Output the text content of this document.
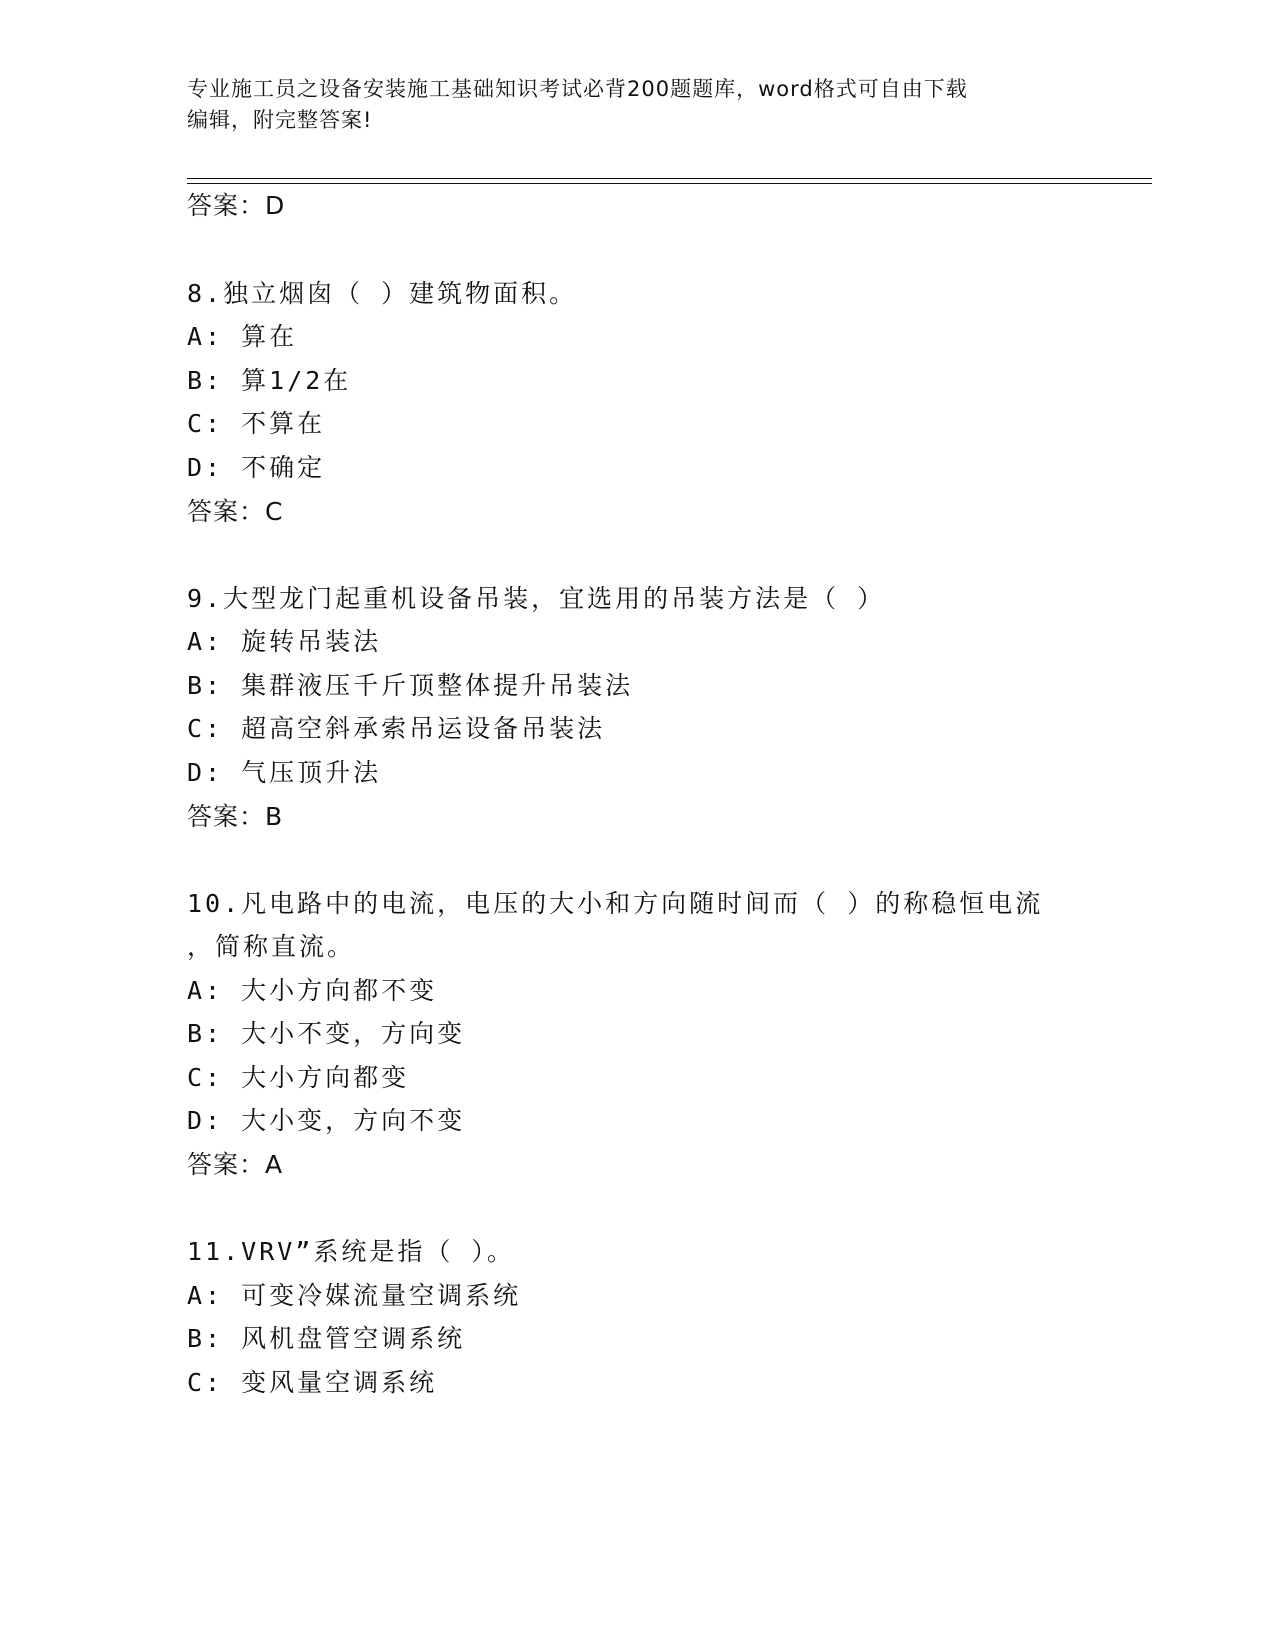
专业施工员之设备安装施工基础知识考试必背200题题库，word格式可自由下载
编辑，附完整答案!
答案：D
8.独立烟囱（ ）建筑物面积。
A: 算在
B: 算1/2在
C: 不算在
D: 不确定
答案：C
9.大型龙门起重机设备吊装，宜选用的吊装方法是（ ）
A: 旋转吊装法
B: 集群液压千斤顶整体提升吊装法
C: 超高空斜承索吊运设备吊装法
D: 气压顶升法
答案：B
10.凡电路中的电流，电压的大小和方向随时间而（ ）的称稳恒电流
，简称直流。
A: 大小方向都不变
B: 大小不变，方向变
C: 大小方向都变
D: 大小变，方向不变
答案：A
11.VRV”系统是指（ ）。
A: 可变冷媒流量空调系统
B: 风机盘管空调系统
C: 变风量空调系统
